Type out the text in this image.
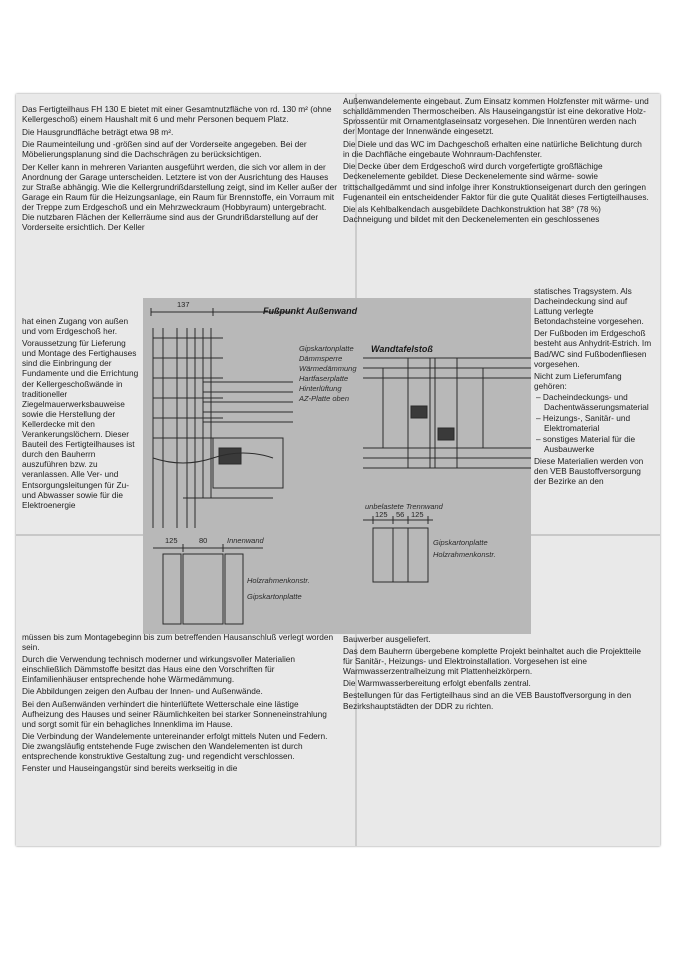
Das Fertigteilhaus FH 130 E bietet mit einer Gesamtnutzfläche von rd. 130 m² (ohne Kellergeschoß) einem Haushalt mit 6 und mehr Personen bequem Platz.

Die Hausgrundfläche beträgt etwa 98 m².

Die Raumeinteilung und -größen sind auf der Vorderseite angegeben. Bei der Möbelierungsplanung sind die Dachschrägen zu berücksichtigen.

Der Keller kann in mehreren Varianten ausgeführt werden, die sich vor allem in der Anordnung der Garage unterscheiden. Letztere ist von der Ausrichtung des Hauses zur Straße abhängig. Wie die Kellergrundrißdarstellung zeigt, sind im Keller außer der Garage ein Raum für die Heizungsanlage, ein Raum für Brennstoffe, ein Vorraum mit der Treppe zum Erdgeschoß und ein Mehrzweckraum (Hobbyraum) untergebracht. Die nutzbaren Flächen der Kellerräume sind aus der Grundrißdarstellung auf der Vorderseite ersichtlich. Der Keller

hat einen Zugang von außen und vom Erdgeschoß her.

Voraussetzung für Lieferung und Montage des Fertighauses sind die Einbringung der Fundamente und die Errichtung der Kellergeschoßwände in traditioneller Ziegelmauerwerksbauweise sowie die Herstellung der Kellerdecke mit den Verankerungslöchern. Dieser Bauteil des Fertigteilhauses ist durch den Bauherrn auszuführen bzw. zu veranlassen. Alle Ver- und Entsorgungsleitungen für Zu- und Abwasser sowie für die Elektroenergie

Außenwandelemente eingebaut. Zum Einsatz kommen Holzfenster mit wärme- und schalldämmenden Thermoscheiben. Als Hauseingangstür ist eine dekorative Holz-Sprossentür mit Ornamentglaseinsatz vorgesehen. Die Innentüren werden nach der Montage der Innenwände eingesetzt.

Die Diele und das WC im Dachgeschoß erhalten eine natürliche Belichtung durch in die Dachfläche eingebaute Wohnraum-Dachfenster.

Die Decke über dem Erdgeschoß wird durch vorgefertigte großflächige Deckenelemente gebildet. Diese Deckenelemente sind wärme- sowie trittschallgedämmt und sind infolge ihrer Konstruktionseigenart durch den geringen Fugenanteil ein entscheidender Faktor für die gute Qualität dieses Fertigteilhauses.

Die als Kehlbalkendach ausgebildete Dachkonstruktion hat 38° (78 %) Dachneigung und bildet mit den Deckenelementen ein geschlossenes

statisches Tragsystem. Als Dacheindeckung sind auf Lattung verlegte Betondachsteine vorgesehen.

Der Fußboden im Erdgeschoß besteht aus Anhydrit-Estrich. Im Bad/WC sind Fußbodenfliesen vorgesehen.

Nicht zum Lieferumfang gehören:

– Dacheindeckungs- und Dachentwässerungsmaterial
– Heizungs-, Sanitär- und Elektromaterial
– sonstiges Material für die Ausbauwerke

Diese Materialien werden von den VEB Baustoffversorgung der Bezirke an den

137
Fußpunkt Außenwand
Gipskartonplatte
Dämmsperre
Wärmedämmung
Hartfaserplatte
Hinterlüftung
AZ-Platte oben
Wandtafelstoß
unbelastete Trennwand
125 56 125
Gipskartonplatte
Holzrahmenkonstr.
125	80	Innenwand
Holzrahmenkonstr.
Gipskartonplatte

müssen bis zum Montagebeginn bis zum betreffenden Hausanschluß verlegt worden sein.

Durch die Verwendung technisch moderner und wirkungsvoller Materialien einschließlich Dämmstoffe besitzt das Haus eine den Vorschriften für Einfamilienhäuser entsprechende hohe Wärmedämmung.

Die Abbildungen zeigen den Aufbau der Innen- und Außenwände.

Bei den Außenwänden verhindert die hinterlüftete Wetterschale eine lästige Aufheizung des Hauses und seiner Räumlichkeiten bei starker Sonneneinstrahlung und sorgt somit für ein behagliches Innenklima im Hause.

Die Verbindung der Wandelemente untereinander erfolgt mittels Nuten und Federn. Die zwangsläufig entstehende Fuge zwischen den Wandelementen ist durch entsprechende konstruktive Gestaltung zug- und regendicht verschlossen.

Fenster und Hauseingangstür sind bereits werkseitig in die

Bauwerber ausgeliefert.

Das dem Bauherrn übergebene komplette Projekt beinhaltet auch die Projektteile für Sanitär-, Heizungs- und Elektroinstallation. Vorgesehen ist eine Warmwasserzentralheizung mit Plattenheizkörpern.

Die Warmwasserbereitung erfolgt ebenfalls zentral.

Bestellungen für das Fertigteilhaus sind an die VEB Baustoffversorgung in den Bezirkshauptstädten der DDR zu richten.
